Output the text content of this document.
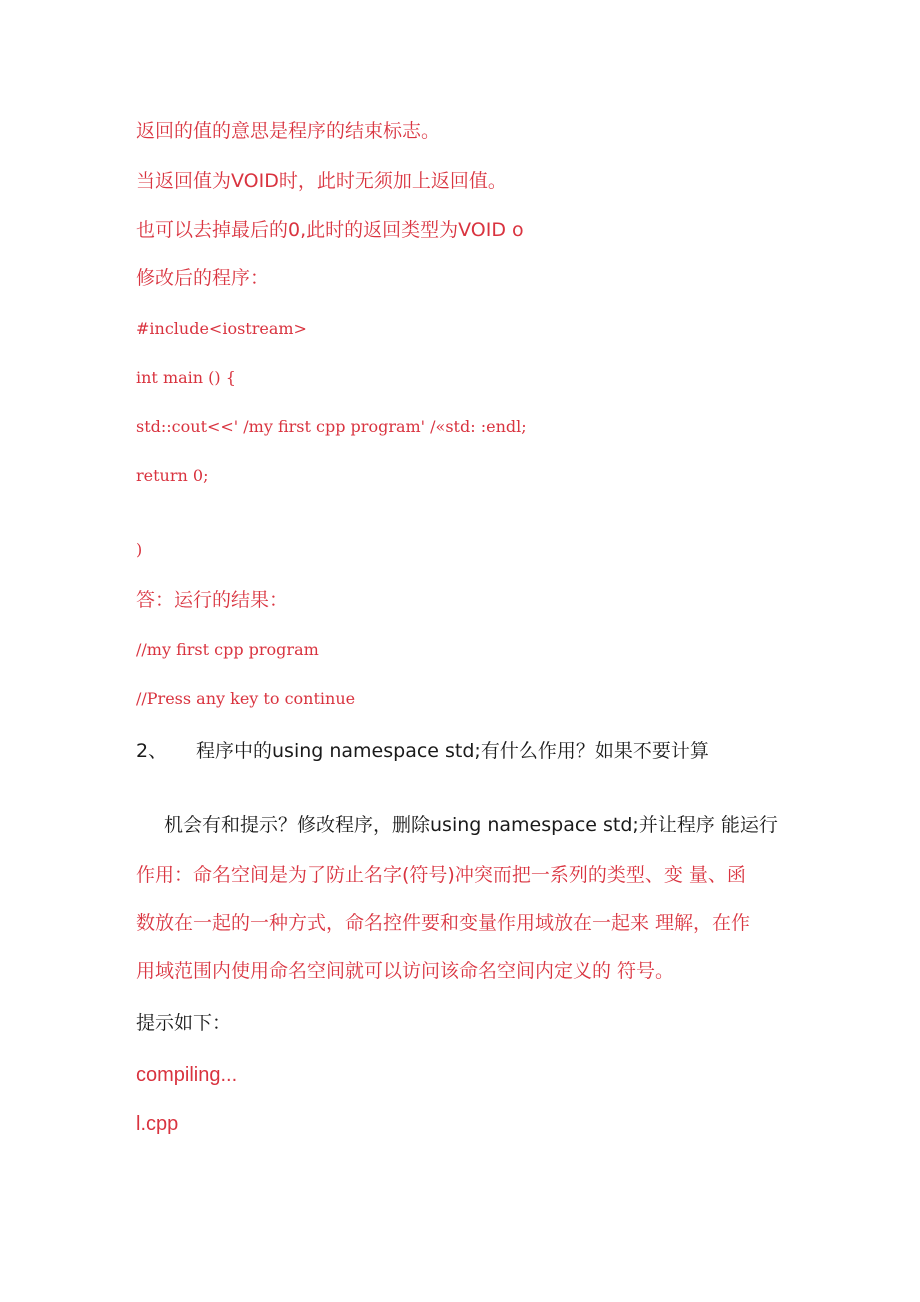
返回的值的意思是程序的结束标志。
当返回值为VOID时，此时无须加上返回值。
也可以去掉最后的0,此时的返回类型为VOID o
修改后的程序：
#include<iostream>
int main () {
std::cout<<' /my first cpp program' /«std: :endl;
return 0;
)
答：运行的结果：
//my first cpp program
//Press any key to continue
2、 程序中的using namespace std;有什么作用？如果不要计算
机会有和提示？修改程序，删除using namespace std;并让程序 能运行
作用：命名空间是为了防止名字(符号)冲突而把一系列的类型、变 量、函
数放在一起的一种方式，命名控件要和变量作用域放在一起来 理解，在作
用域范围内使用命名空间就可以访问该命名空间内定义的 符号。
提示如下：
compiling...
l.cpp
